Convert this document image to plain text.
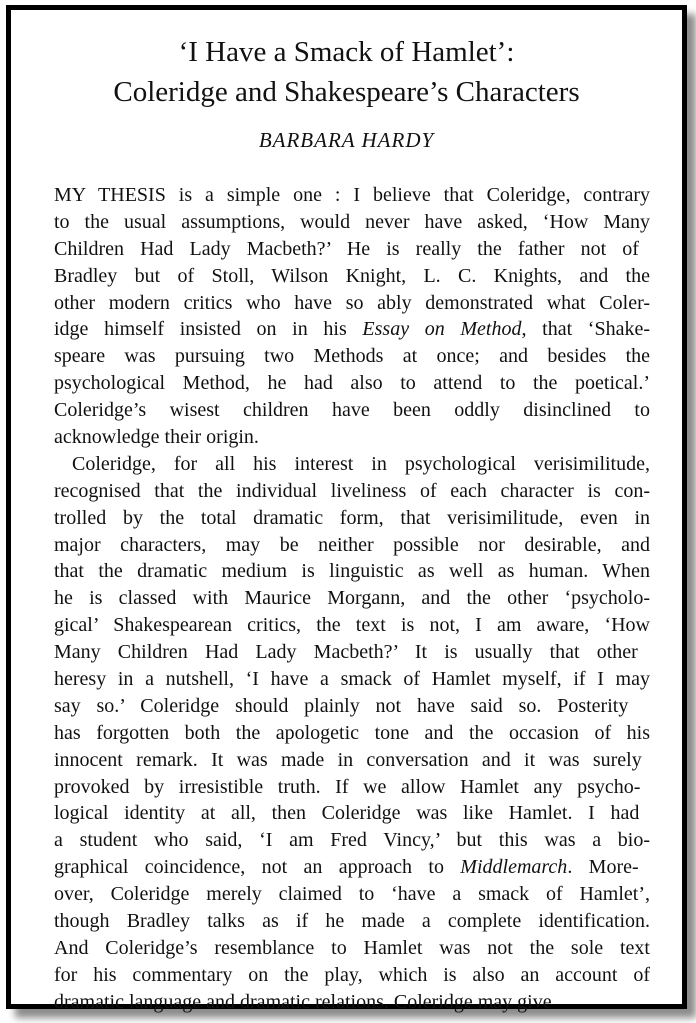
‘I Have a Smack of Hamlet’:
Coleridge and Shakespeare’s Characters
BARBARA HARDY
MY THESIS is a simple one : I believe that Coleridge, contrary
to the usual assumptions, would never have asked, ‘How Many
Children Had Lady Macbeth?’ He is really the father not of
Bradley but of Stoll, Wilson Knight, L. C. Knights, and the
other modern critics who have so ably demonstrated what Coler-
idge himself insisted on in his Essay on Method, that ‘Shake-
speare was pursuing two Methods at once; and besides the
psychological Method, he had also to attend to the poetical.’
Coleridge’s wisest children have been oddly disinclined to
acknowledge their origin.
Coleridge, for all his interest in psychological verisimilitude,
recognised that the individual liveliness of each character is con-
trolled by the total dramatic form, that verisimilitude, even in
major characters, may be neither possible nor desirable, and
that the dramatic medium is linguistic as well as human. When
he is classed with Maurice Morgann, and the other ‘psycholo-
gical’ Shakespearean critics, the text is not, I am aware, ‘How
Many Children Had Lady Macbeth?’ It is usually that other
heresy in a nutshell, ‘I have a smack of Hamlet myself, if I may
say so.’ Coleridge should plainly not have said so. Posterity
has forgotten both the apologetic tone and the occasion of his
innocent remark. It was made in conversation and it was surely
provoked by irresistible truth. If we allow Hamlet any psycho-
logical identity at all, then Coleridge was like Hamlet. I had
a student who said, ‘I am Fred Vincy,’ but this was a bio-
graphical coincidence, not an approach to Middlemarch. More-
over, Coleridge merely claimed to ‘have a smack of Hamlet’,
though Bradley talks as if he made a complete identification.
And Coleridge’s resemblance to Hamlet was not the sole text
for his commentary on the play, which is also an account of
dramatic language and dramatic relations. Coleridge may give
